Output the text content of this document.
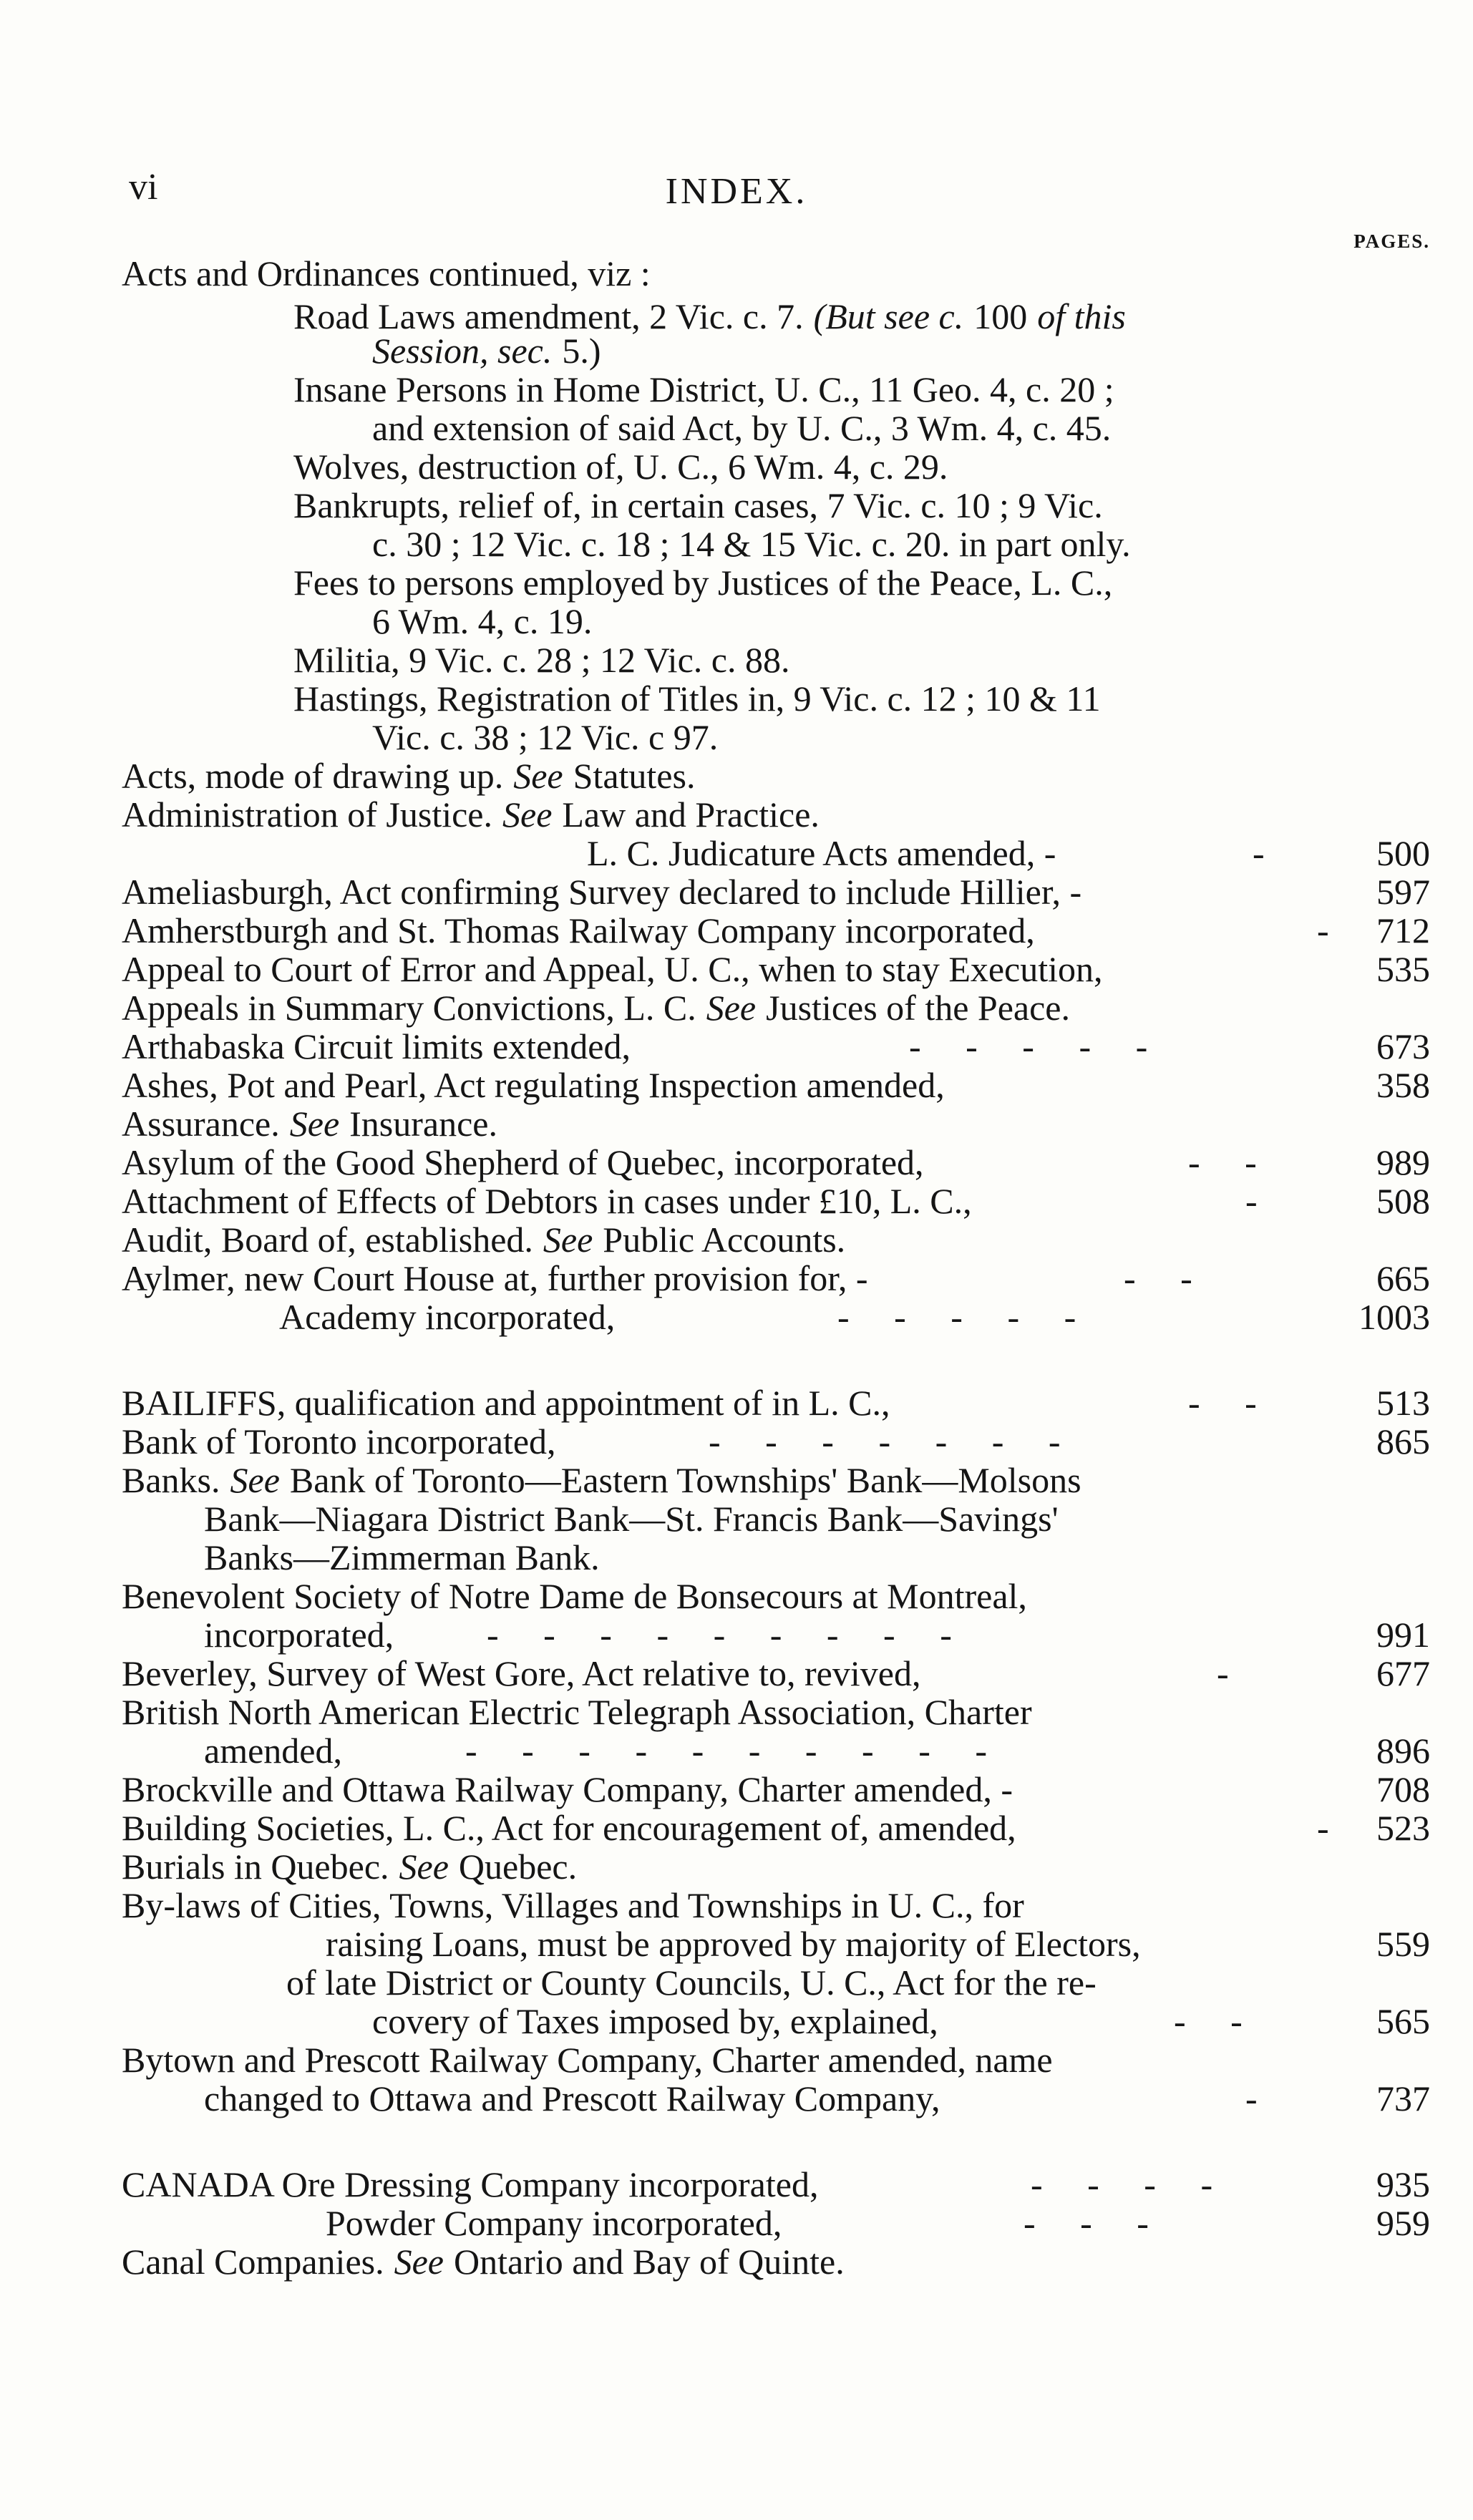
vi	INDEX.
PAGES.
Acts and Ordinances continued, viz :
Road Laws amendment, 2 Vic. c. 7. (But see c. 100 of this
Session, sec. 5.)
Insane Persons in Home District, U. C., 11 Geo. 4, c. 20 ;
and extension of said Act, by U. C., 3 Wm. 4, c. 45.
Wolves, destruction of, U. C., 6 Wm. 4, c. 29.
Bankrupts, relief of, in certain cases, 7 Vic. c. 10 ; 9 Vic.
c. 30 ; 12 Vic. c. 18 ; 14 & 15 Vic. c. 20. in part only.
Fees to persons employed by Justices of the Peace, L. C.,
6 Wm. 4, c. 19.
Militia, 9 Vic. c. 28 ; 12 Vic. c. 88.
Hastings, Registration of Titles in, 9 Vic. c. 12 ; 10 & 11
Vic. c. 38 ; 12 Vic. c 97.
Acts, mode of drawing up. See Statutes.
Administration of Justice. See Law and Practice.
L. C. Judicature Acts amended, -	-	500
Ameliasburgh, Act confirming Survey declared to include Hillier, -	597
Amherstburgh and St. Thomas Railway Company incorporated,	-	712
Appeal to Court of Error and Appeal, U. C., when to stay Execution,	535
Appeals in Summary Convictions, L. C. See Justices of the Peace.
Arthabaska Circuit limits extended,	-     -     -     -     -	673
Ashes, Pot and Pearl, Act regulating Inspection amended,	358
Assurance. See Insurance.
Asylum of the Good Shepherd of Quebec, incorporated,	-     -	989
Attachment of Effects of Debtors in cases under £10, L. C.,	-	508
Audit, Board of, established. See Public Accounts.
Aylmer, new Court House at, further provision for, -	-     -	665
Academy incorporated,	-     -     -     -     -	1003
BAILIFFS, qualification and appointment of in L. C.,	-     -	513
Bank of Toronto incorporated,	-     -     -     -     -     -     -	865
Banks. See Bank of Toronto—Eastern Townships' Bank—Molsons
Bank—Niagara District Bank—St. Francis Bank—Savings'
Banks—Zimmerman Bank.
Benevolent Society of Notre Dame de Bonsecours at Montreal,
incorporated,	-     -     -     -     -     -     -     -     -	991
Beverley, Survey of West Gore, Act relative to, revived,	-	677
British North American Electric Telegraph Association, Charter
amended,	-     -     -     -     -     -     -     -     -     -	896
Brockville and Ottawa Railway Company, Charter amended, -	708
Building Societies, L. C., Act for encouragement of, amended,	-	523
Burials in Quebec. See Quebec.
By-laws of Cities, Towns, Villages and Townships in U. C., for
raising Loans, must be approved by majority of Electors,	559
of late District or County Councils, U. C., Act for the re-
covery of Taxes imposed by, explained,	-     -	565
Bytown and Prescott Railway Company, Charter amended, name
changed to Ottawa and Prescott Railway Company,	-	737
CANADA Ore Dressing Company incorporated,	-     -     -     -	935
Powder Company incorporated,	-     -     -	959
Canal Companies. See Ontario and Bay of Quinte.
